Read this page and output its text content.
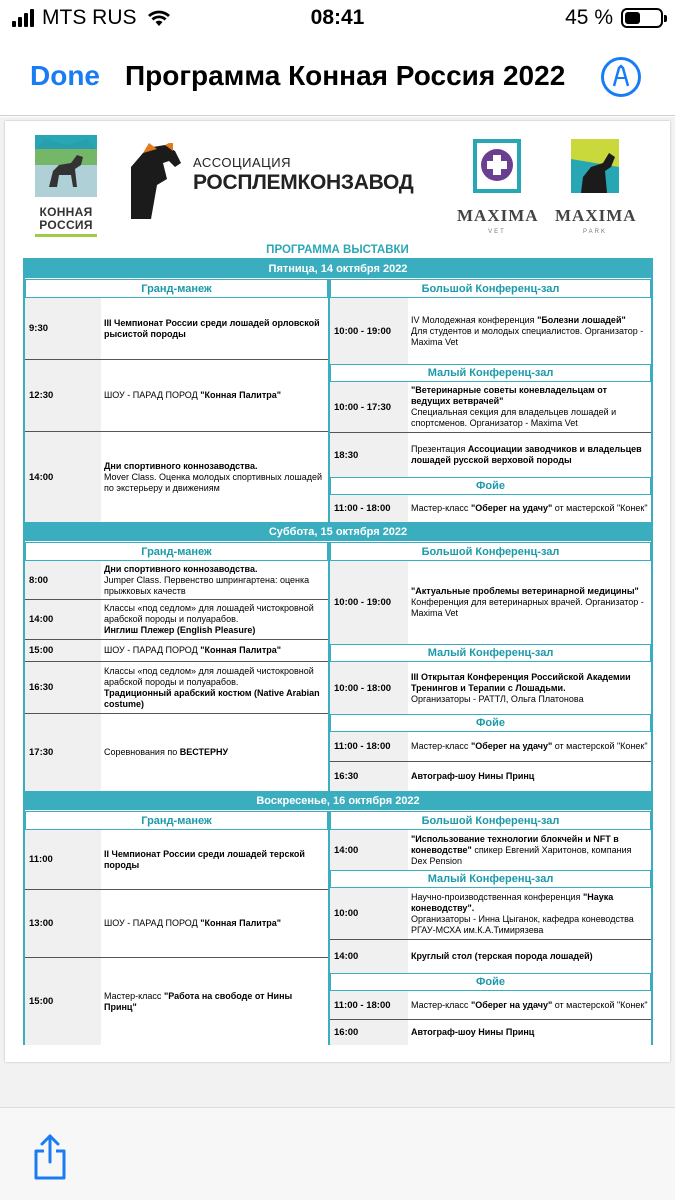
MTS RUS	08:41	45 %
Done Программа Конная Россия 2022
КОННАЯ
РОССИЯ
АССОЦИАЦИЯ
РОСПЛЕМКОНЗАВОД
MAXIMA
VET
MAXIMA
PARK
ПРОГРАММА ВЫСТАВКИ
Пятница, 14 октября 2022
Гранд-манеж	Большой Конференц-зал
9:30
III Чемпионат России среди лошадей орловской рысистой породы
12:30	ШОУ - ПАРАД ПОРОД "Конная Палитра"
14:00
Дни спортивного коннозаводства.
Mover Class. Оценка молодых спортивных лошадей по экстерьеру и движениям
10:00 - 19:00
IV Молодежная конференция "Болезни лошадей"
Для студентов и молодых специалистов. Организатор - Maxima Vet
Малый Конференц-зал
10:00 - 17:30
"Ветеринарные советы коневладельцам от ведущих ветврачей"
Специальная секция для владельцев лошадей и спортсменов. Организатор - Maxima Vet
18:30
Презентация Ассоциации заводчиков и владельцев лошадей русской верховой породы
Фойе
11:00 - 18:00	Мастер-класс "Оберег на удачу" от мастерской "Конек"
Суббота, 15 октября 2022
Гранд-манеж	Большой Конференц-зал
8:00
Дни спортивного коннозаводства.
Jumper Class. Первенство шпрингартена: оценка прыжковых качеств
14:00
Классы «под седлом» для лошадей чистокровной арабской породы и полуарабов.
Инглиш Плежер (English Pleasure)
15:00	ШОУ - ПАРАД ПОРОД "Конная Палитра"
16:30
Классы «под седлом» для лошадей чистокровной арабской породы и полуарабов.
Традиционный арабский костюм (Native Arabian costume)
17:30	Соревнования по ВЕСТЕРНУ
10:00 - 19:00
"Актуальные проблемы ветеринарной медицины"
Конференция для ветеринарных врачей. Организатор - Maxima Vet
Малый Конференц-зал
10:00 - 18:00
III Открытая Конференция Российской Академии Тренингов и Терапии с Лошадьми.
Организаторы - РАТТЛ, Ольга Платонова
Фойе
11:00 - 18:00	Мастер-класс "Оберег на удачу" от мастерской "Конек"
16:30	Автограф-шоу Нины Принц
Воскресенье, 16 октября 2022
Гранд-манеж	Большой Конференц-зал
11:00
II Чемпионат России среди лошадей терской породы
13:00	ШОУ - ПАРАД ПОРОД "Конная Палитра"
15:00
Мастер-класс "Работа на свободе от Нины Принц"
14:00
"Использование технологии блокчейн и NFT в коневодстве" спикер Евгений Харитонов, компания Dex Pension
Малый Конференц-зал
10:00
Научно-производственная конференция "Наука коневодству".
Организаторы - Инна Цыганок, кафедра коневодства РГАУ-МСХА им.К.А.Тимирязева
14:00	Круглый стол (терская порода лошадей)
Фойе
11:00 - 18:00	Мастер-класс "Оберег на удачу" от мастерской "Конек"
16:00	Автограф-шоу Нины Принц
